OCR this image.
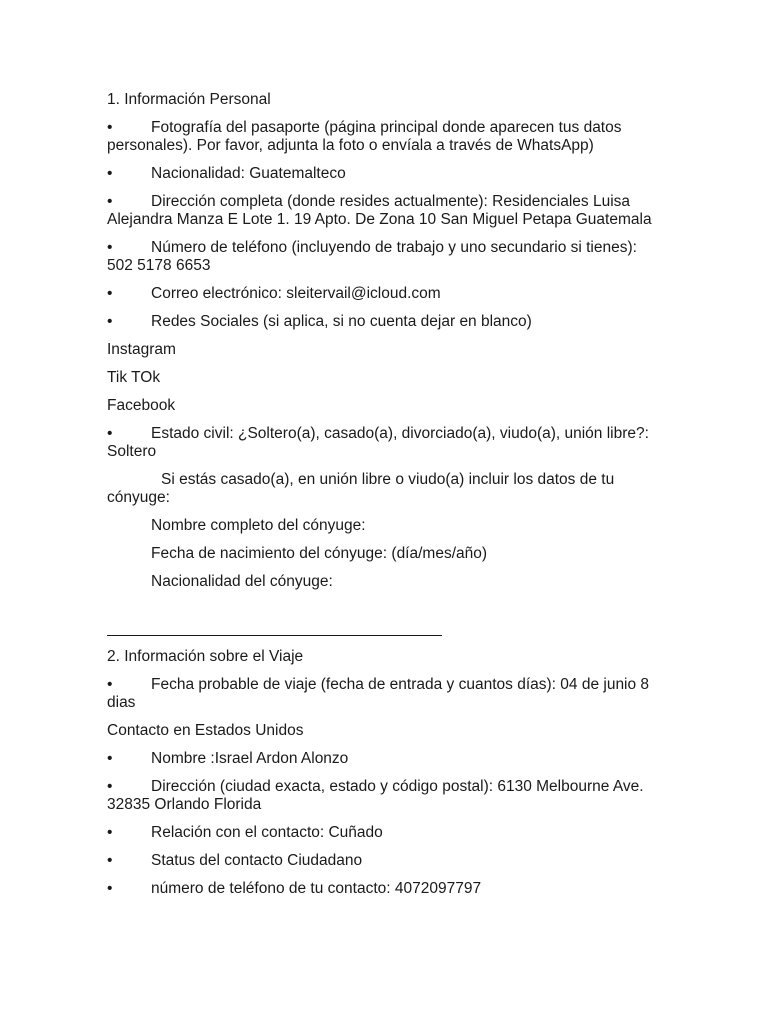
1. Información Personal

• Fotografía del pasaporte (página principal donde aparecen tus datos personales). Por favor, adjunta la foto o envíala a través de WhatsApp)

• Nacionalidad: Guatemalteco

• Dirección completa (donde resides actualmente): Residenciales Luisa Alejandra Manza E Lote 1. 19 Apto. De Zona 10 San Miguel Petapa Guatemala

• Número de teléfono (incluyendo de trabajo y uno secundario si tienes): 502 5178 6653

• Correo electrónico: sleitervail@icloud.com

• Redes Sociales (si aplica, si no cuenta dejar en blanco)

Instagram

Tik TOk

Facebook

• Estado civil: ¿Soltero(a), casado(a), divorciado(a), viudo(a), unión libre?: Soltero

Si estás casado(a), en unión libre o viudo(a) incluir los datos de tu cónyuge:

Nombre completo del cónyuge:

Fecha de nacimiento del cónyuge: (día/mes/año)

Nacionalidad del cónyuge:

2. Información sobre el Viaje

• Fecha probable de viaje (fecha de entrada y cuantos días): 04 de junio 8 dias

Contacto en Estados Unidos

• Nombre :Israel Ardon Alonzo

• Dirección (ciudad exacta, estado y código postal): 6130 Melbourne Ave. 32835 Orlando Florida

• Relación con el contacto: Cuñado

• Status del contacto Ciudadano

• número de teléfono de tu contacto: 4072097797
